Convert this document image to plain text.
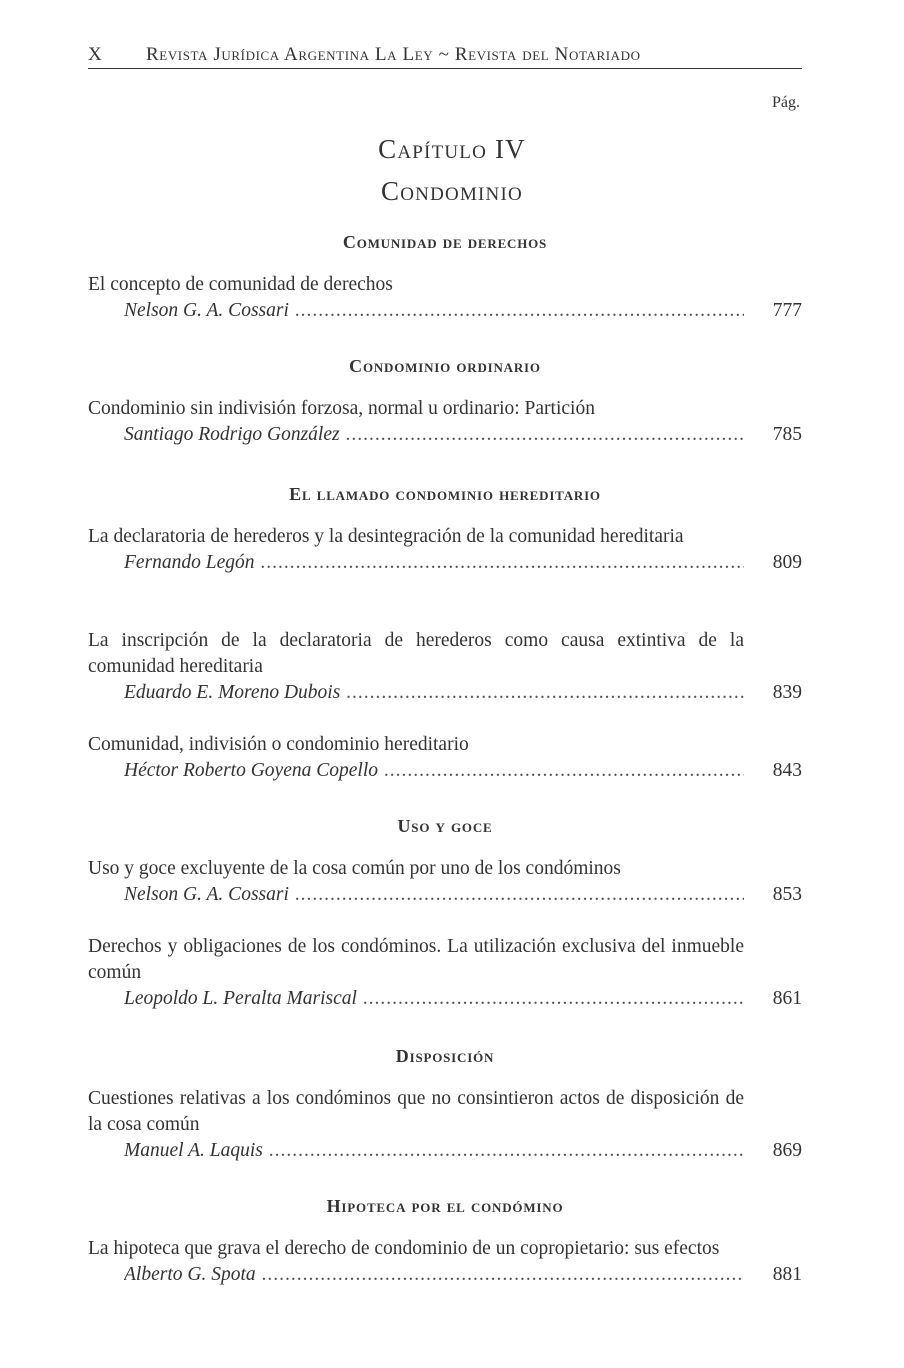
X Revista Jurídica Argentina La Ley ~ Revista del Notariado
Pág.
Capítulo IV
Condominio
Comunidad de derechos
El concepto de comunidad de derechos
Nelson G. A. Cossari .....	777
Condominio ordinario
Condominio sin indivisión forzosa, normal u ordinario: Partición
Santiago Rodrigo González .....	785
El llamado condominio hereditario
La declaratoria de herederos y la desintegración de la comunidad hereditaria
Fernando Legón .....	809
La inscripción de la declaratoria de herederos como causa extintiva de la comunidad hereditaria
Eduardo E. Moreno Dubois .....	839
Comunidad, indivisión o condominio hereditario
Héctor Roberto Goyena Copello .....	843
Uso y goce
Uso y goce excluyente de la cosa común por uno de los condóminos
Nelson G. A. Cossari .....	853
Derechos y obligaciones de los condóminos. La utilización exclusiva del inmueble común
Leopoldo L. Peralta Mariscal .....	861
Disposición
Cuestiones relativas a los condóminos que no consintieron actos de disposición de la cosa común
Manuel A. Laquis .....	869
Hipoteca por el condómino
La hipoteca que grava el derecho de condominio de un copropietario: sus efectos
Alberto G. Spota .....	881
